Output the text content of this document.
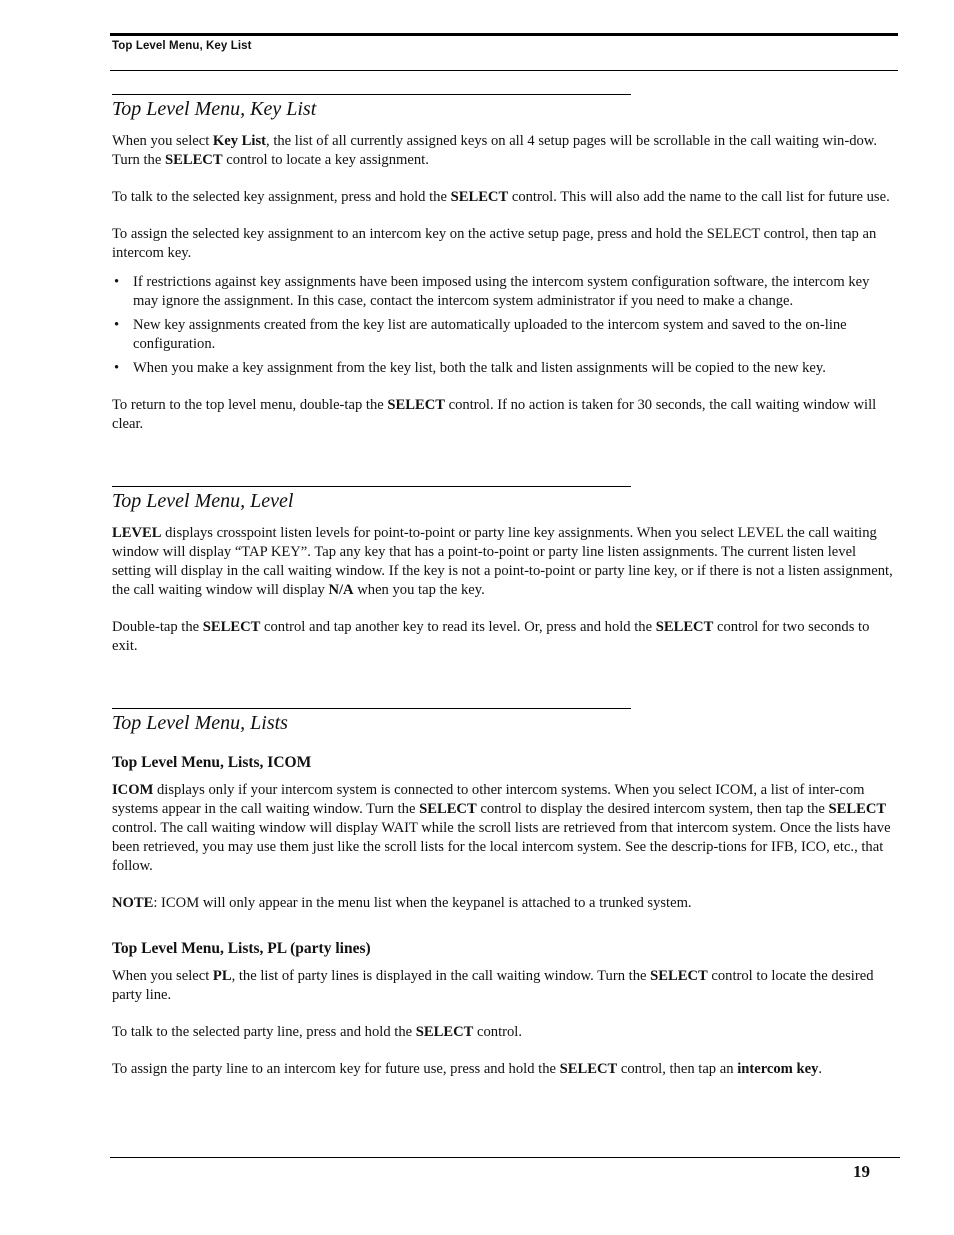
Top Level Menu, Key List
Top Level Menu, Key List

When you select Key List, the list of all currently assigned keys on all 4 setup pages will be scrollable in the call waiting win-dow. Turn the SELECT control to locate a key assignment.

To talk to the selected key assignment, press and hold the SELECT control. This will also add the name to the call list for future use.

To assign the selected key assignment to an intercom key on the active setup page, press and hold the SELECT control, then tap an intercom key.

• If restrictions against key assignments have been imposed using the intercom system configuration software, the intercom key may ignore the assignment. In this case, contact the intercom system administrator if you need to make a change.
• New key assignments created from the key list are automatically uploaded to the intercom system and saved to the on-line configuration.
• When you make a key assignment from the key list, both the talk and listen assignments will be copied to the new key.

To return to the top level menu, double-tap the SELECT control. If no action is taken for 30 seconds, the call waiting window will clear.

Top Level Menu, Level

LEVEL displays crosspoint listen levels for point-to-point or party line key assignments. When you select LEVEL the call waiting window will display “TAP KEY”. Tap any key that has a point-to-point or party line listen assignments. The current listen level setting will display in the call waiting window. If the key is not a point-to-point or party line key, or if there is not a listen assignment, the call waiting window will display N/A when you tap the key.

Double-tap the SELECT control and tap another key to read its level. Or, press and hold the SELECT control for two seconds to exit.

Top Level Menu, Lists
Top Level Menu, Lists, ICOM

ICOM displays only if your intercom system is connected to other intercom systems. When you select ICOM, a list of inter-com systems appear in the call waiting window. Turn the SELECT control to display the desired intercom system, then tap the SELECT control. The call waiting window will display WAIT while the scroll lists are retrieved from that intercom system. Once the lists have been retrieved, you may use them just like the scroll lists for the local intercom system. See the descrip-tions for IFB, ICO, etc., that follow.

NOTE: ICOM will only appear in the menu list when the keypanel is attached to a trunked system.

Top Level Menu, Lists, PL (party lines)

When you select PL, the list of party lines is displayed in the call waiting window. Turn the SELECT control to locate the desired party line.

To talk to the selected party line, press and hold the SELECT control.

To assign the party line to an intercom key for future use, press and hold the SELECT control, then tap an intercom key.

19
